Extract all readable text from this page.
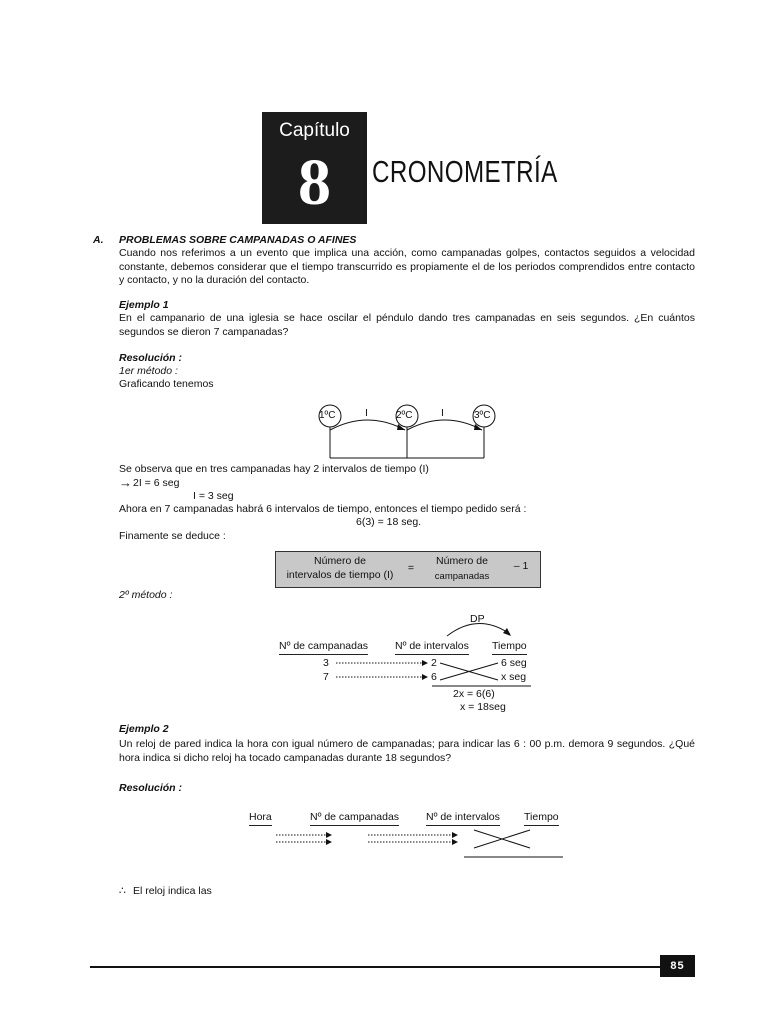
Capítulo
8	CRONOMETRÍA
A. PROBLEMAS SOBRE CAMPANADAS O AFINES
Cuando nos referimos a un evento que implica una acción, como campanadas golpes, contactos seguidos a velocidad constante, debemos considerar que el tiempo transcurrido es propiamente el de los periodos comprendidos entre contacto y contacto, y no la duración del contacto.
Ejemplo 1
En el campanario de una iglesia se hace oscilar el péndulo dando tres campanadas en seis segundos. ¿En cuántos segundos se dieron 7 campanadas?
Resolución :
1er método :
Graficando tenemos
1ºC	2ºC	3ºC
I	I
Se observa que en tres campanadas hay 2 intervalos de tiempo (I)
→ 2I = 6 seg
I = 3 seg
Ahora en 7 campanadas habrá 6 intervalos de tiempo, entonces el tiempo pedido será :
6(3) = 18 seg.
Finamente se deduce :
Número de
intervalos de tiempo (I)
=
Número de
campanadas
– 1
2º método :
DP
Nº de campanadas	Nº de intervalos Tiempo
3	2	6 seg
7	6	x seg
2x = 6(6)
x = 18seg
Ejemplo 2
Un reloj de pared indica la hora con igual número de campanadas; para indicar las 6 : 00 p.m. demora 9 segundos. ¿Qué hora indica si dicho reloj ha tocado campanadas durante 18 segundos?
Resolución :
Hora	Nº de campanadas	Nº de intervalos Tiempo
∴ El reloj indica las
85
